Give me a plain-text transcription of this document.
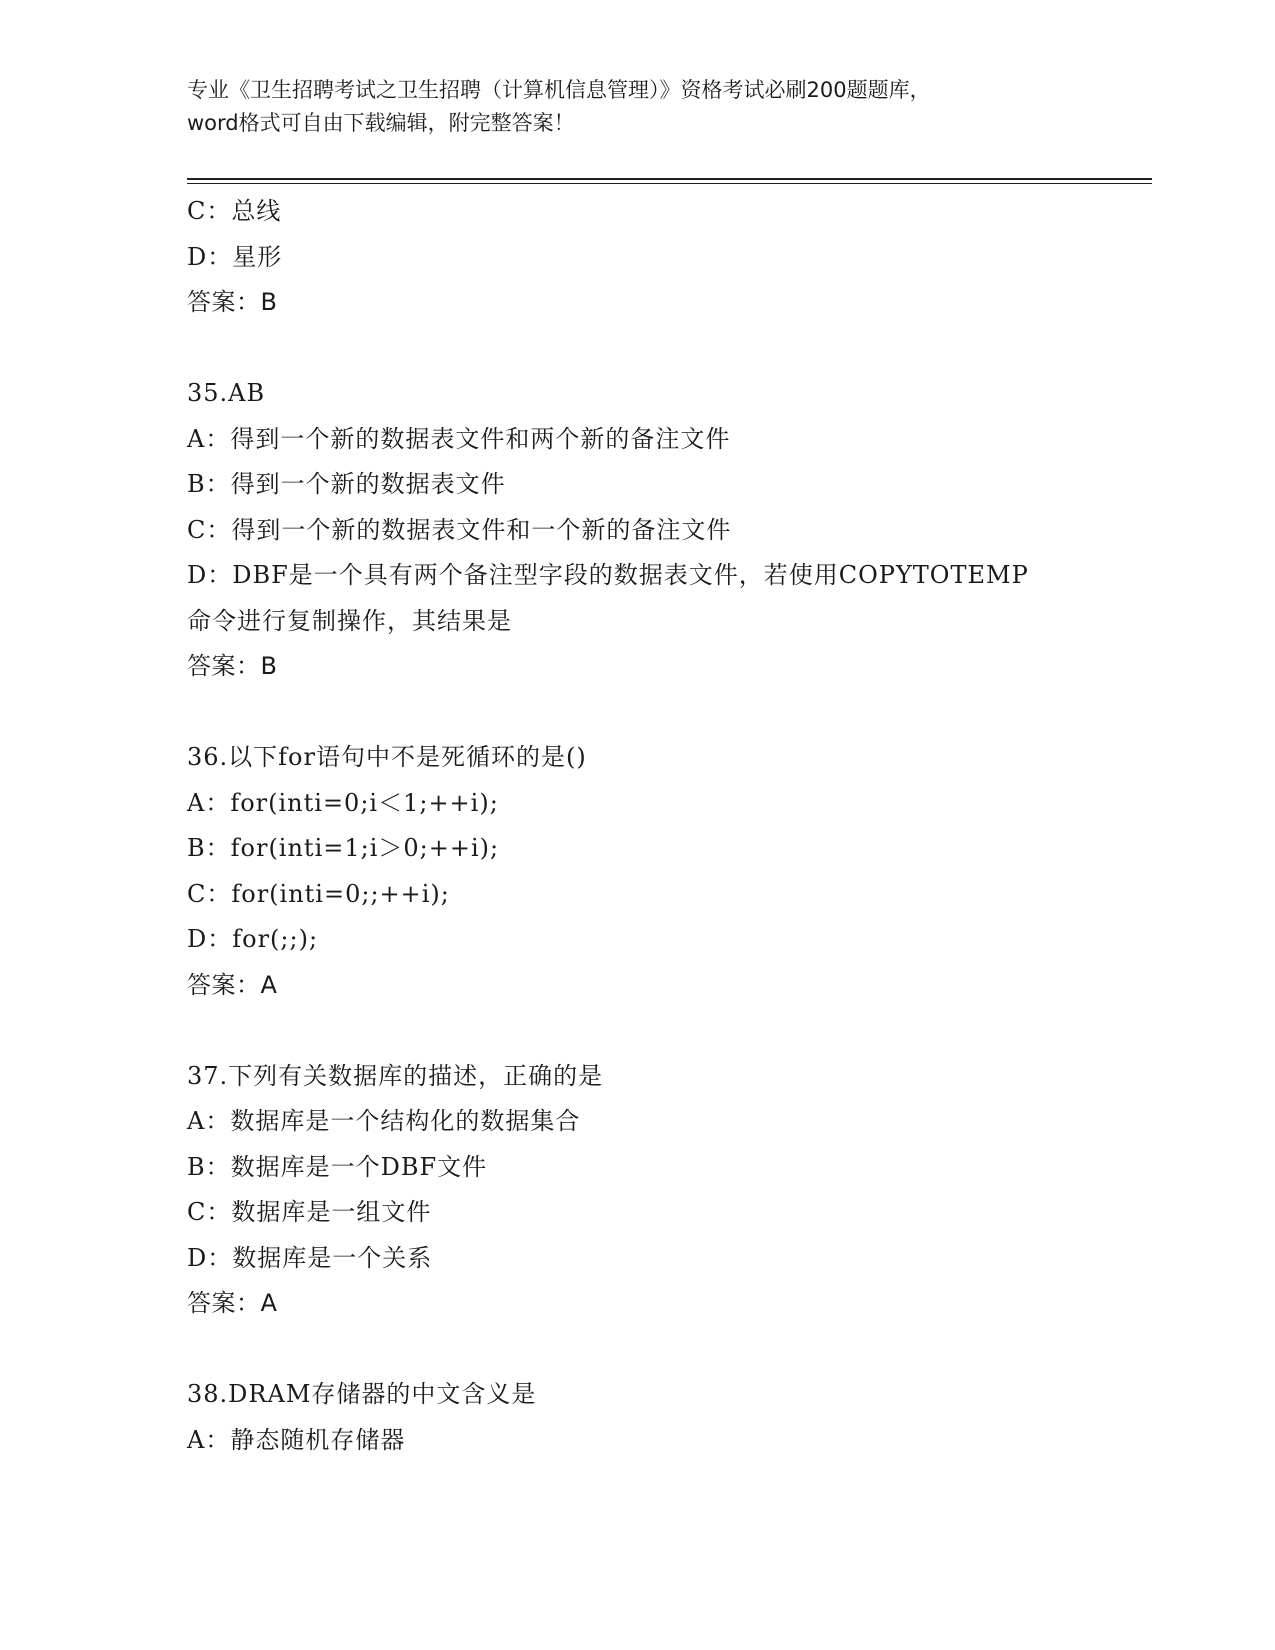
专业《卫生招聘考试之卫生招聘（计算机信息管理）》资格考试必刷200题题库，
word格式可自由下载编辑，附完整答案！
C：总线
D：星形
答案：B
35.AB
A：得到一个新的数据表文件和两个新的备注文件
B：得到一个新的数据表文件
C：得到一个新的数据表文件和一个新的备注文件
D：DBF是一个具有两个备注型字段的数据表文件，若使用COPYTOTEMP
命令进行复制操作，其结果是
答案：B
36.以下for语句中不是死循环的是()
A：for(inti=0;i＜1;++i);
B：for(inti=1;i＞0;++i);
C：for(inti=0;;++i);
D：for(;;);
答案：A
37.下列有关数据库的描述，正确的是
A：数据库是一个结构化的数据集合
B：数据库是一个DBF文件
C：数据库是一组文件
D：数据库是一个关系
答案：A
38.DRAM存储器的中文含义是
A：静态随机存储器
